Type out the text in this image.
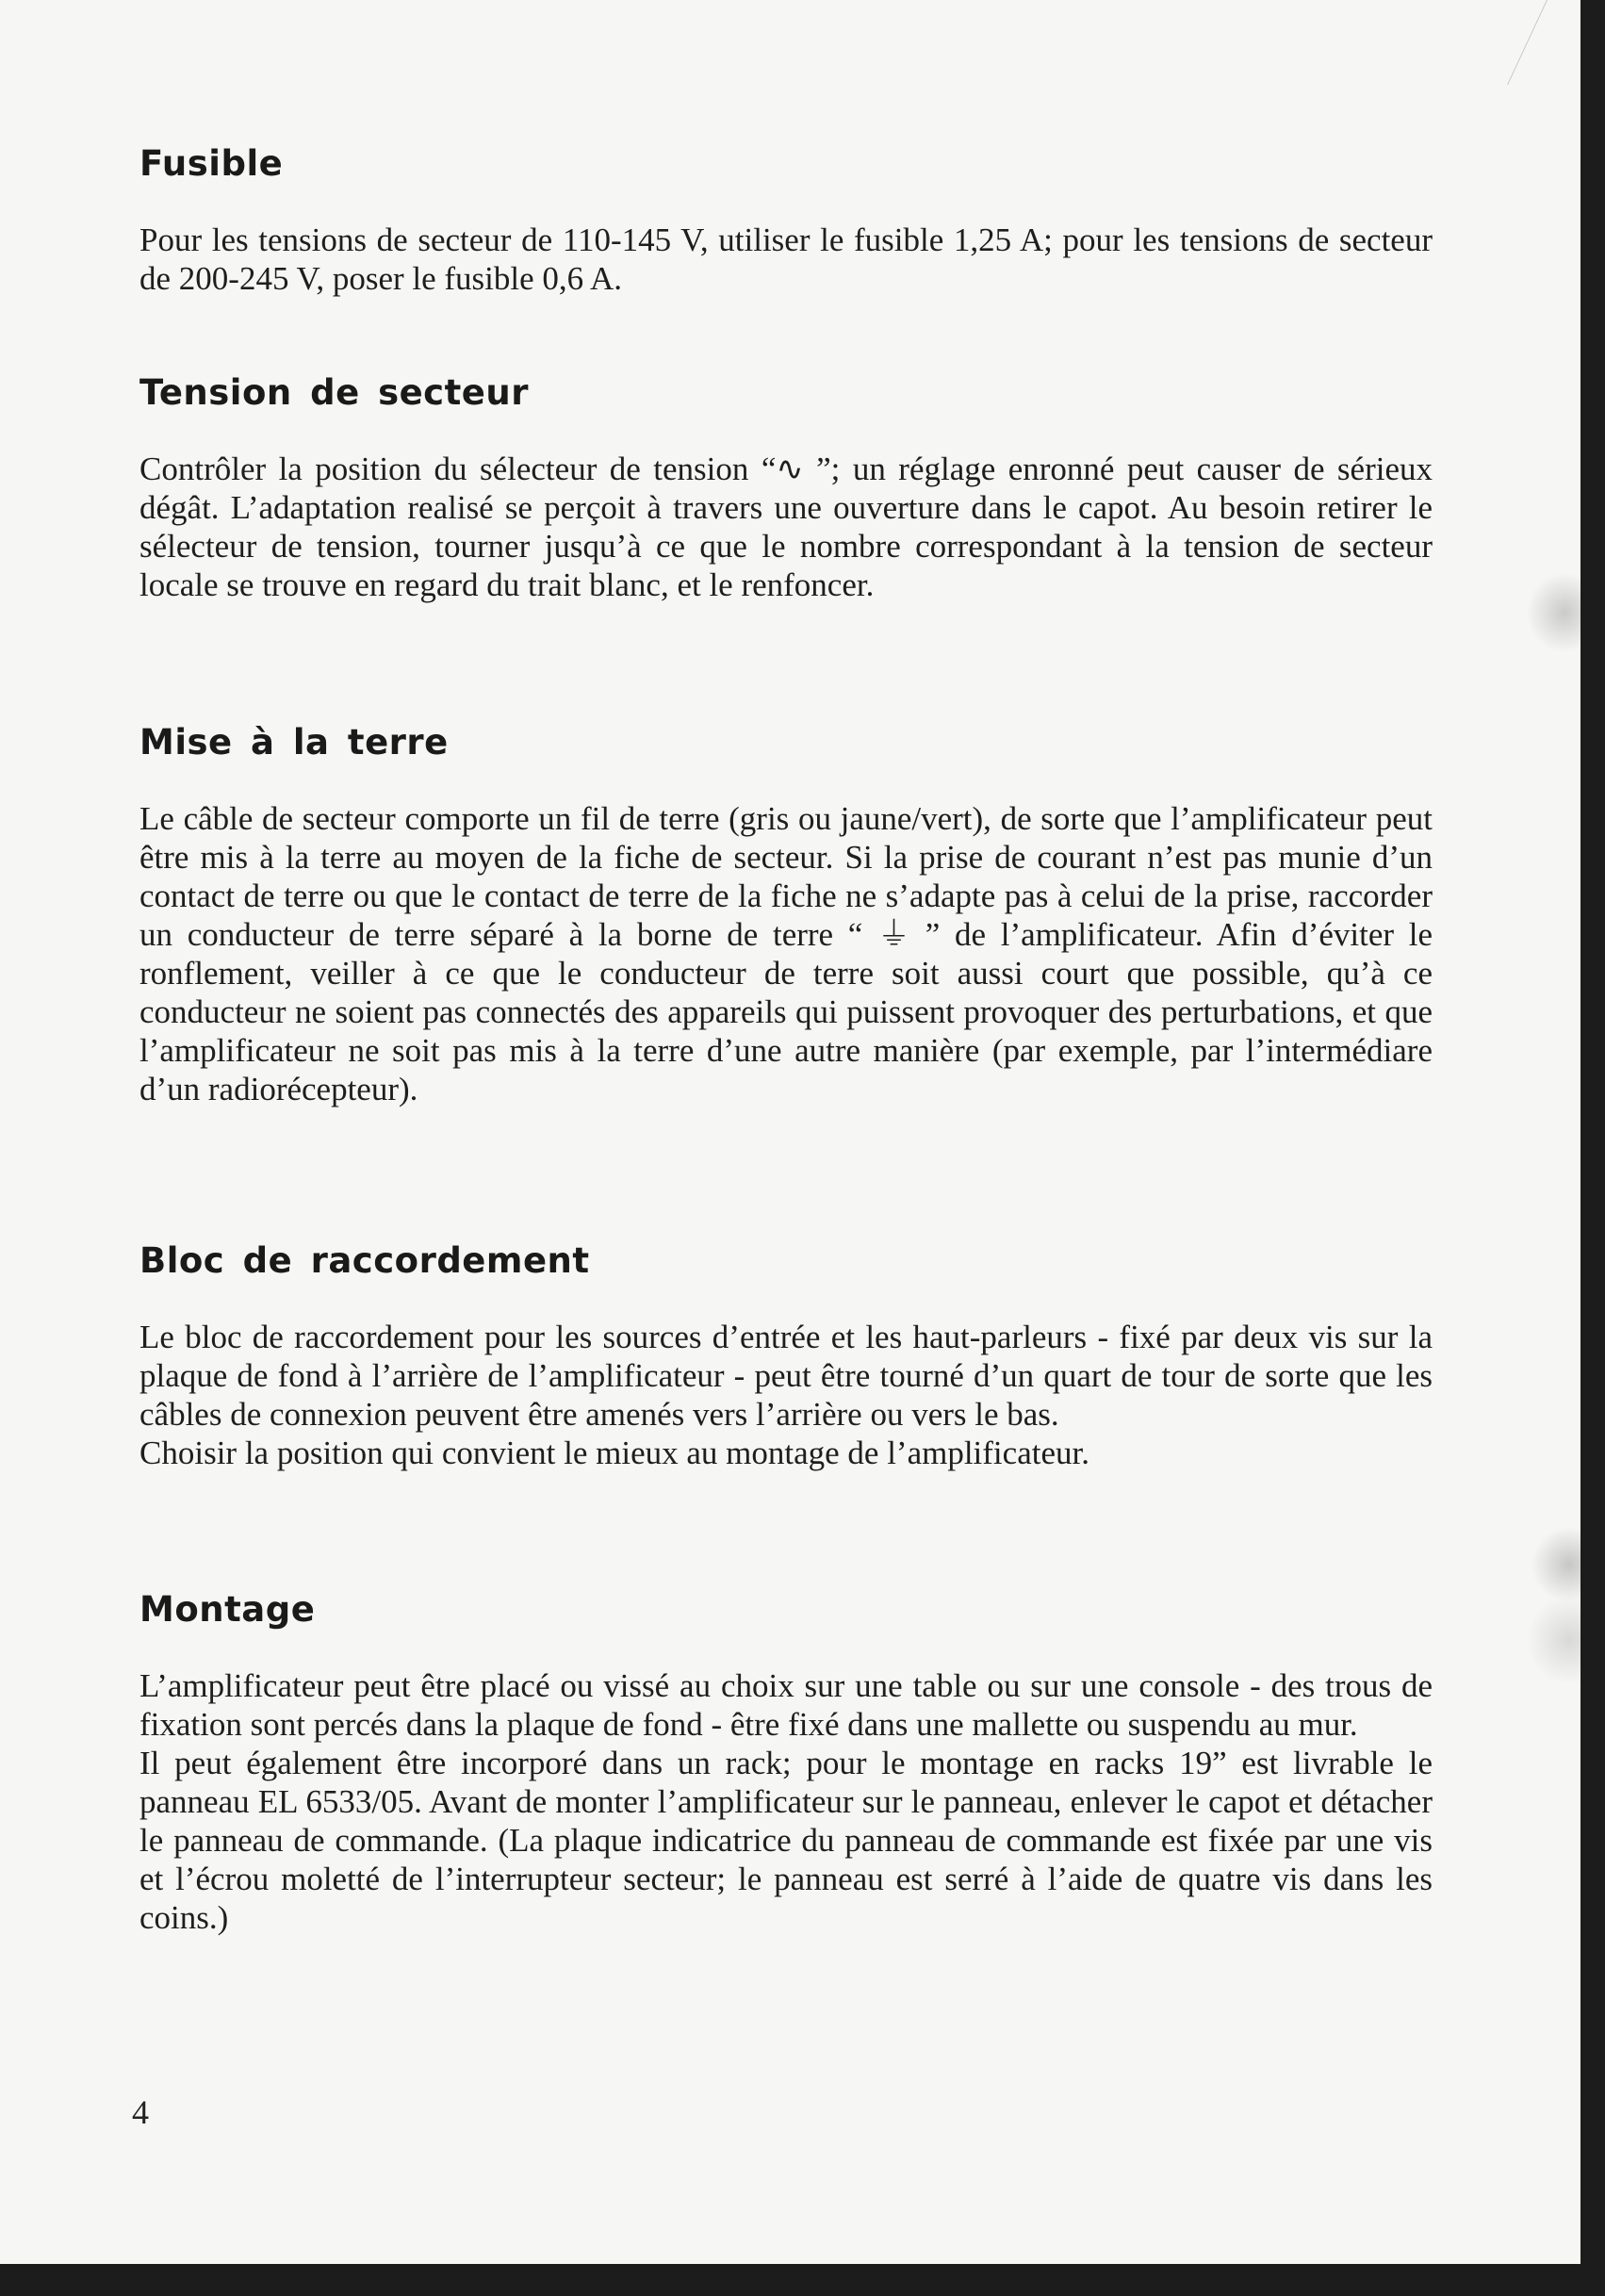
Fusible

Pour les tensions de secteur de 110-145 V, utiliser le fusible 1,25 A; pour les tensions de secteur de 200-245 V, poser le fusible 0,6 A.

Tension de secteur

Contrôler la position du sélecteur de tension “∿ ”; un réglage enronné peut causer de sérieux dégât. L’adaptation realisé se perçoit à travers une ouverture dans le capot. Au besoin retirer le sélecteur de tension, tourner jusqu’à ce que le nombre correspondant à la tension de secteur locale se trouve en regard du trait blanc, et le renfoncer.

Mise à la terre

Le câble de secteur comporte un fil de terre (gris ou jaune/vert), de sorte que l’amplificateur peut être mis à la terre au moyen de la fiche de secteur. Si la prise de courant n’est pas munie d’un contact de terre ou que le contact de terre de la fiche ne s’adapte pas à celui de la prise, raccorder un conducteur de terre séparé à la borne de terre “ ⏚ ” de l’amplificateur. Afin d’éviter le ronflement, veiller à ce que le conducteur de terre soit aussi court que possible, qu’à ce conducteur ne soient pas connectés des appareils qui puissent provoquer des perturbations, et que l’amplificateur ne soit pas mis à la terre d’une autre manière (par exemple, par l’intermédiare d’un radiorécepteur).

Bloc de raccordement

Le bloc de raccordement pour les sources d’entrée et les haut-parleurs - fixé par deux vis sur la plaque de fond à l’arrière de l’amplificateur - peut être tourné d’un quart de tour de sorte que les câbles de connexion peuvent être amenés vers l’arrière ou vers le bas.

Choisir la position qui convient le mieux au montage de l’amplificateur.

Montage

L’amplificateur peut être placé ou vissé au choix sur une table ou sur une console - des trous de fixation sont percés dans la plaque de fond - être fixé dans une mallette ou suspendu au mur.

Il peut également être incorporé dans un rack; pour le montage en racks 19” est livrable le panneau EL 6533/05. Avant de monter l’amplificateur sur le panneau, enlever le capot et détacher le panneau de commande. (La plaque indicatrice du panneau de commande est fixée par une vis et l’écrou moletté de l’interrupteur secteur; le panneau est serré à l’aide de quatre vis dans les coins.)

4
